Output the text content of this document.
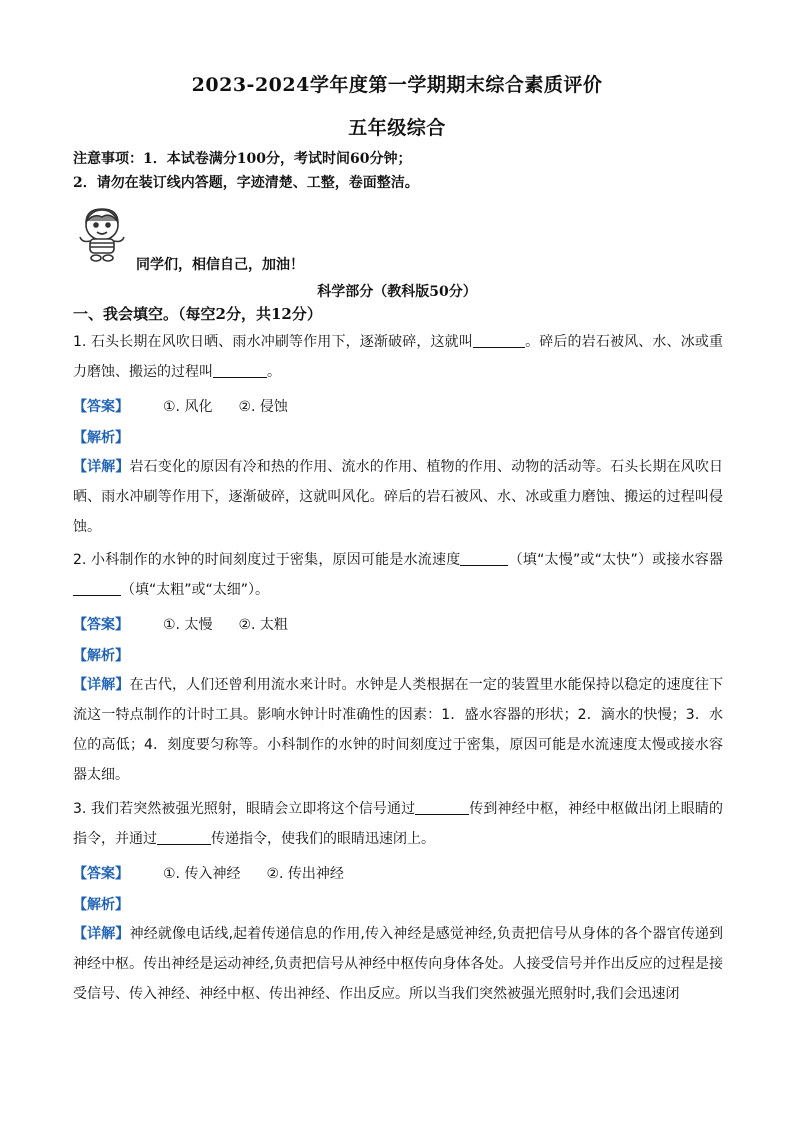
2023-2024学年度第一学期期末综合素质评价
五年级综合
注意事项：1．本试卷满分100分，考试时间60分钟；
2．请勿在装订线内答题，字迹清楚、工整，卷面整洁。
同学们，相信自己，加油！
科学部分（教科版50分）
一、我会填空。（每空2分，共12分）
1. 石头长期在风吹日晒、雨水冲刷等作用下，逐渐破碎，这就叫	。碎后的岩石被风、水、冰或重力磨蚀、搬运的过程叫	。
【答案】 ①. 风化 ②. 侵蚀
【解析】
【详解】岩石变化的原因有冷和热的作用、流水的作用、植物的作用、动物的活动等。石头长期在风吹日晒、雨水冲刷等作用下，逐渐破碎，这就叫风化。碎后的岩石被风、水、冰或重力磨蚀、搬运的过程叫侵蚀。
2. 小科制作的水钟的时间刻度过于密集，原因可能是水流速度	（填“太慢”或“太快”）或接水容器（填“太粗”或“太细”）。
【答案】 ①. 太慢 ②. 太粗
【解析】
【详解】在古代，人们还曾利用流水来计时。水钟是人类根据在一定的装置里水能保持以稳定的速度往下流这一特点制作的计时工具。影响水钟计时准确性的因素：1．盛水容器的形状；2．滴水的快慢；3．水位的高低；4．刻度要匀称等。小科制作的水钟的时间刻度过于密集，原因可能是水流速度太慢或接水容器太细。
3. 我们若突然被强光照射，眼睛会立即将这个信号通过	传到神经中枢，神经中枢做出闭上眼睛的指令，并通过	传递指令，使我们的眼睛迅速闭上。
【答案】 ①. 传入神经 ②. 传出神经
【解析】
【详解】神经就像电话线,起着传递信息的作用,传入神经是感觉神经,负责把信号从身体的各个器官传递到神经中枢。传出神经是运动神经,负责把信号从神经中枢传向身体各处。人接受信号并作出反应的过程是接受信号、传入神经、神经中枢、传出神经、作出反应。所以当我们突然被强光照射时,我们会迅速闭
